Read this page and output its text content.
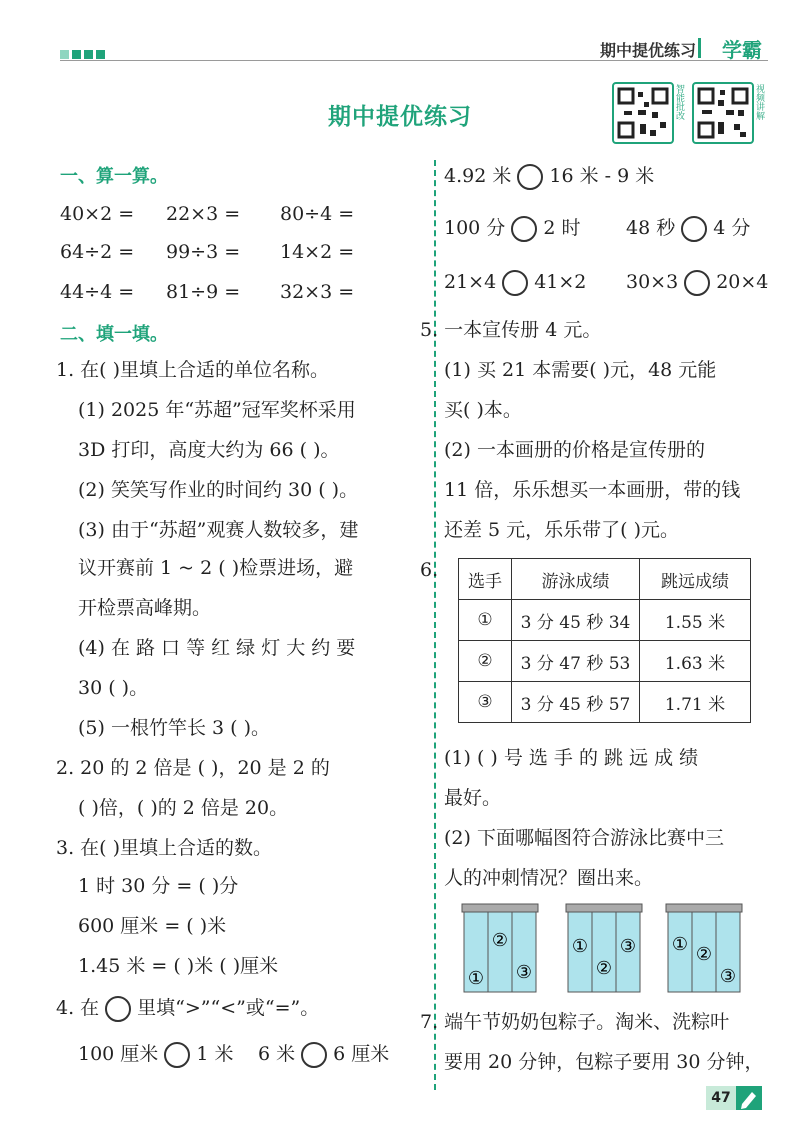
期中提优练习 学霸
期中提优练习	智能批改	视频讲解
一、算一算。
40×2 = 22×3 = 80÷4 =
64÷2 = 99÷3 = 14×2 =
44÷4 = 81÷9 = 32×3 =
二、填一填。
1. 在( )里填上合适的单位名称。
(1) 2025 年“苏超”冠军奖杯采用
3D 打印，高度大约为 66 ( )。
(2) 笑笑写作业的时间约 30 ( )。
(3) 由于“苏超”观赛人数较多，建
议开赛前 1 ~ 2 ( )检票进场，避
开检票高峰期。
(4) 在 路 口 等 红 绿 灯 大 约 要
30 ( )。
(5) 一根竹竿长 3 ( )。
2. 20 的 2 倍是 ( )，20 是 2 的
( )倍，( )的 2 倍是 20。
3. 在( )里填上合适的数。
1 时 30 分 = ( )分
600 厘米 = ( )米
1.45 米 = ( )米 ( )厘米
4. 在 里填“>”“<”或“=”。
100 厘米 1 米 6 米 6 厘米
4.92 米 16 米 - 9 米
100 分 2 时 48 秒 4 分
21×4 41×2 30×3 20×4
5. 一本宣传册 4 元。
(1) 买 21 本需要( )元，48 元能
买( )本。
(2) 一本画册的价格是宣传册的
11 倍，乐乐想买一本画册，带的钱
还差 5 元，乐乐带了( )元。
6.
选手	游泳成绩	跳远成绩
①	3 分 45 秒 34	1.55 米
②	3 分 47 秒 53	1.63 米
③	3 分 45 秒 57	1.71 米
(1) ( ) 号 选 手 的 跳 远 成 绩
最好。
(2) 下面哪幅图符合游泳比赛中三
人的冲刺情况？圈出来。
①
②
③
①
②
③ ① ②
③
7. 端午节奶奶包粽子。淘米、洗粽叶
要用 20 分钟，包粽子要用 30 分钟，
47
